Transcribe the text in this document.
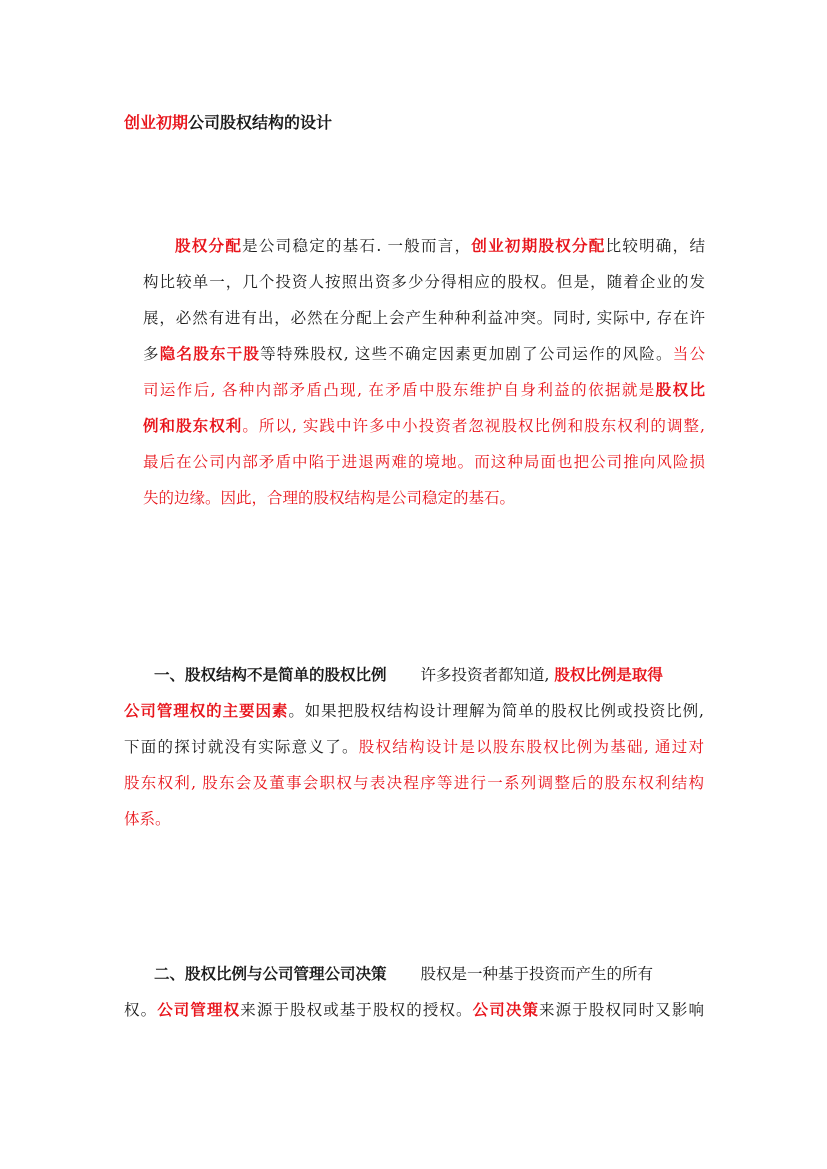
创业初期公司股权结构的设计
股权分配是公司稳定的基石. 一般而言，创业初期股权分配比较明确，结
构比较单一，几个投资人按照出资多少分得相应的股权。但是，随着企业的发
展，必然有进有出，必然在分配上会产生种种利益冲突。同时, 实际中, 存在许
多隐名股东干股等特殊股权, 这些不确定因素更加剧了公司运作的风险。当公
司运作后, 各种内部矛盾凸现, 在矛盾中股东维护自身利益的依据就是股权比
例和股东权利。所以, 实践中许多中小投资者忽视股权比例和股东权利的调整,
最后在公司内部矛盾中陷于进退两难的境地。而这种局面也把公司推向风险损
失的边缘。因此，合理的股权结构是公司稳定的基石。
一、股权结构不是简单的股权比例 许多投资者都知道, 股权比例是取得
公司管理权的主要因素。如果把股权结构设计理解为简单的股权比例或投资比例,
下面的探讨就没有实际意义了。股权结构设计是以股东股权比例为基础, 通过对
股东权利, 股东会及董事会职权与表决程序等进行一系列调整后的股东权利结构
体系。
二、股权比例与公司管理公司决策 股权是一种基于投资而产生的所有
权。公司管理权来源于股权或基于股权的授权。公司决策来源于股权同时又影响
